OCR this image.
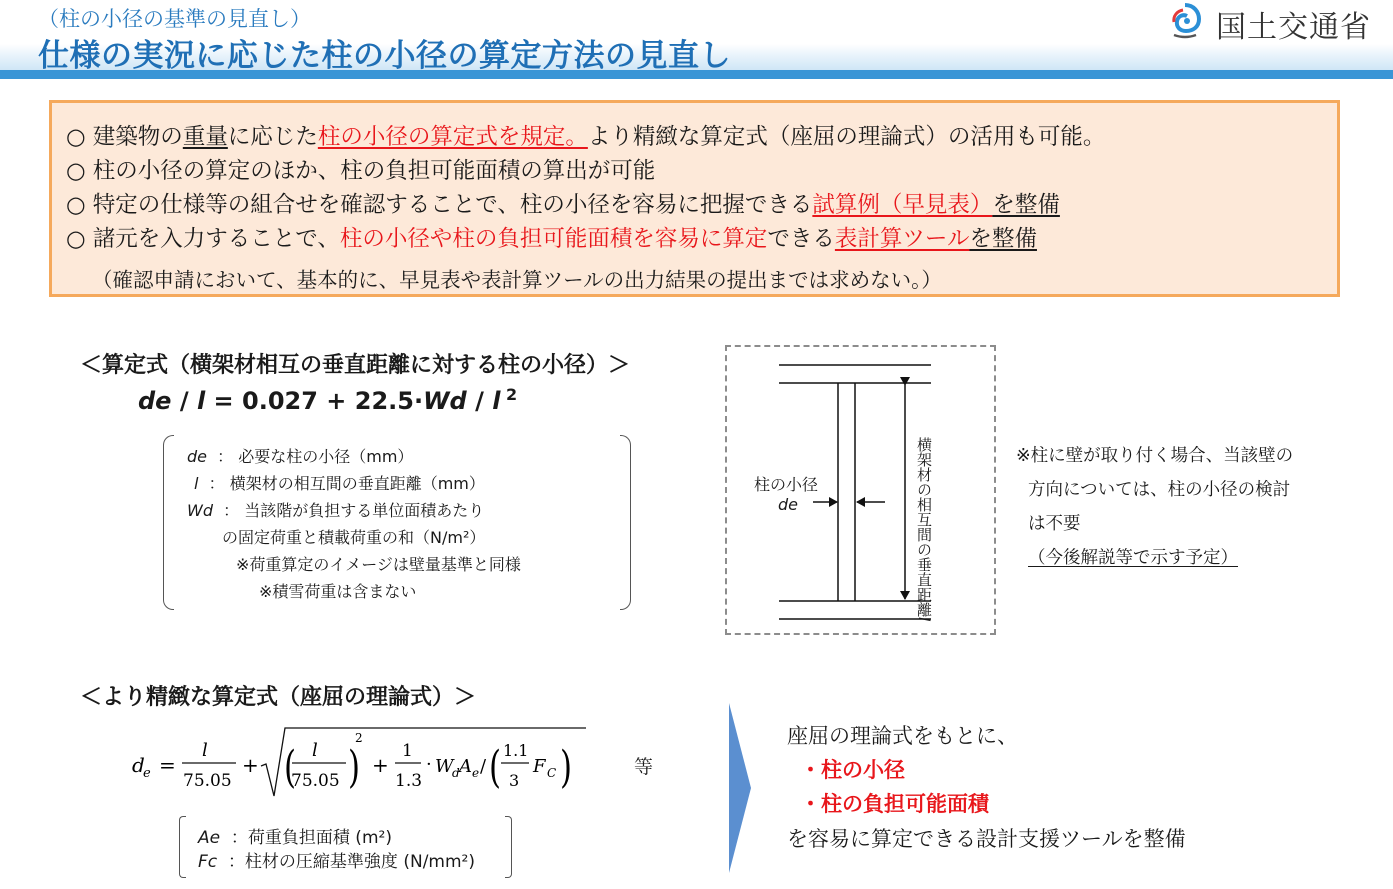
（柱の小径の基準の見直し）
仕様の実況に応じた柱の小径の算定方法の見直し
国土交通省
○ 建築物の重量に応じた柱の小径の算定式を規定。より精緻な算定式（座屈の理論式）の活用も可能。
○ 柱の小径の算定のほか、柱の負担可能面積の算出が可能
○ 特定の仕様等の組合せを確認することで、柱の小径を容易に把握できる試算例（早見表）を整備
○ 諸元を入力することで、柱の小径や柱の負担可能面積を容易に算定できる表計算ツールを整備
（確認申請において、基本的に、早見表や表計算ツールの出力結果の提出までは求めない。）
＜算定式（横架材相互の垂直距離に対する柱の小径）＞
de / l = 0.027 + 22.5·Wd / l $^2$
de ： 必要な柱の小径（mm）
l ： 横架材の相互間の垂直距離（mm）
Wd ： 当該階が負担する単位面積あたり
の固定荷重と積載荷重の和（N/m²）
※荷重算定のイメージは壁量基準と同様
※積雪荷重は含まない
柱の小径
de	横架材の相互間の垂直距離l
※柱に壁が取り付く場合、当該壁の
方向については、柱の小径の検討
は不要
（今後解説等で示す予定）
＜より精緻な算定式（座屈の理論式）＞
d
e =
l
75.05
+ ( l
75.05 )
2
+
1
1.3
· W
d A e / ( 1.1
3
F C )	等
Ae ：荷重負担面積 (m²)
Fc ：柱材の圧縮基準強度 (N/mm²)
座屈の理論式をもとに、
・柱の小径
・柱の負担可能面積
を容易に算定できる設計支援ツールを整備
